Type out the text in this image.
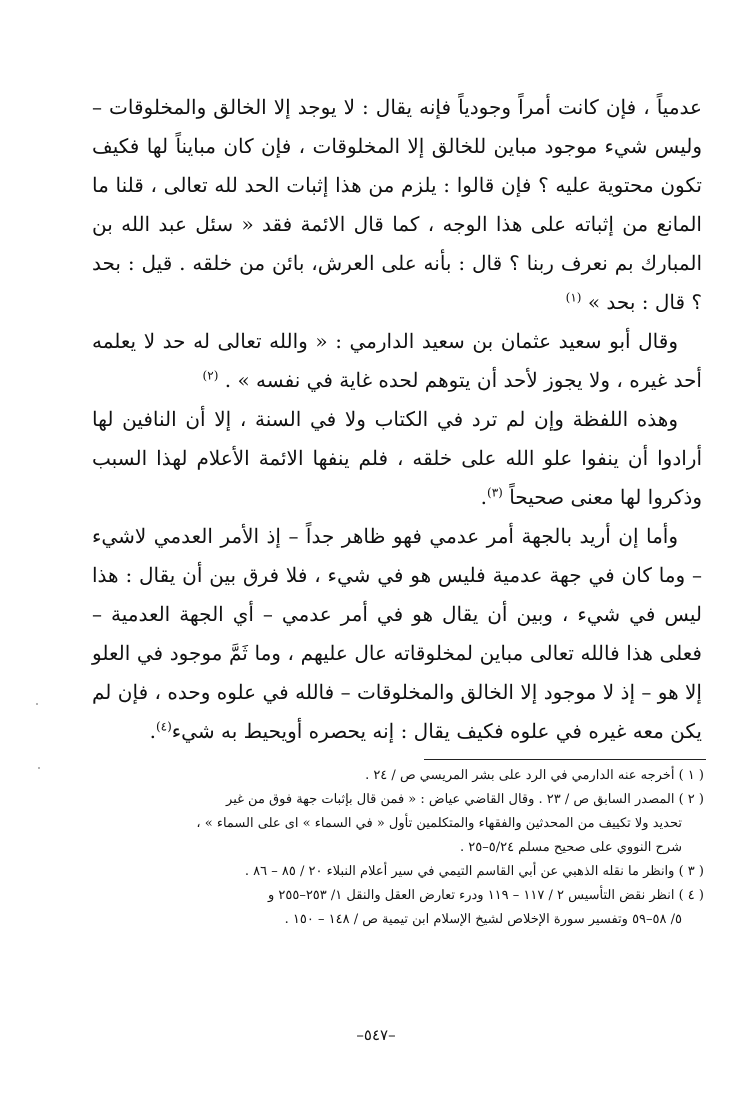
عدمياً ، فإن كانت أمراً وجودياً فإنه يقال : لا يوجد إلا الخالق والمخلوقات – وليس شيء موجود مباين للخالق إلا المخلوقات ، فإن كان مبايناً لها فكيف تكون محتوية عليه ؟ فإن قالوا : يلزم من هذا إثبات الحد لله تعالى ، قلنا ما المانع من إثباته على هذا الوجه ، كما قال الائمة فقد « سئل عبد الله بن المبارك بم نعرف ربنا ؟ قال : بأنه على العرش، بائن من خلقه . قيل : بحد ؟ قال : بحد » $^{(١)}$

وقال أبو سعيد عثمان بن سعيد الدارمي : « والله تعالى له حد لا يعلمه أحد غيره ، ولا يجوز لأحد أن يتوهم لحده غاية في نفسه » . $^{(٢)}$

وهذه اللفظة وإن لم ترد في الكتاب ولا في السنة ، إلا أن النافين لها أرادوا أن ينفوا علو الله على خلقه ، فلم ينفها الائمة الأعلام لهذا السبب وذكروا لها معنى صحيحاً $^{(٣)}$.

وأما إن أريد بالجهة أمر عدمي فهو ظاهر جداً – إذ الأمر العدمي لاشيء – وما كان في جهة عدمية فليس هو في شيء ، فلا فرق بين أن يقال : هذا ليس في شيء ، وبين أن يقال هو في أمر عدمي – أي الجهة العدمية – فعلى هذا فالله تعالى مباين لمخلوقاته عال عليهم ، وما ثَمَّ موجود في العلو إلا هو – إذ لا موجود إلا الخالق والمخلوقات – فالله في علوه وحده ، فإن لم يكن معه غيره في علوه فكيف يقال : إنه يحصره أويحيط به شيء$^{(٤)}$.

( ١ ) أخرجه عنه الدارمي في الرد على بشر المريسي ص / ٢٤ .

( ٢ ) المصدر السابق ص / ٢٣ . وقال القاضي عياض : « فمن قال بإثبات جهة فوق من غير

تحديد ولا تكييف من المحدثين والفقهاء والمتكلمين تأول « في السماء » اى على السماء » ،

شرح النووي على صحيح مسلم ٥/٢٤–٢٥ .

( ٣ ) وانظر ما نقله الذهبي عن أبي القاسم التيمي في سير أعلام النبلاء ٢٠ / ٨٥ – ٨٦ .

( ٤ ) انظر نقض التأسيس ٢ / ١١٧ – ١١٩ ودرء تعارض العقل والنقل ١/ ٢٥٣–٢٥٥ و

٥/ ٥٨–٥٩ وتفسير سورة الإخلاص لشيخ الإسلام ابن تيمية ص / ١٤٨ – ١٥٠ .

–٥٤٧–
